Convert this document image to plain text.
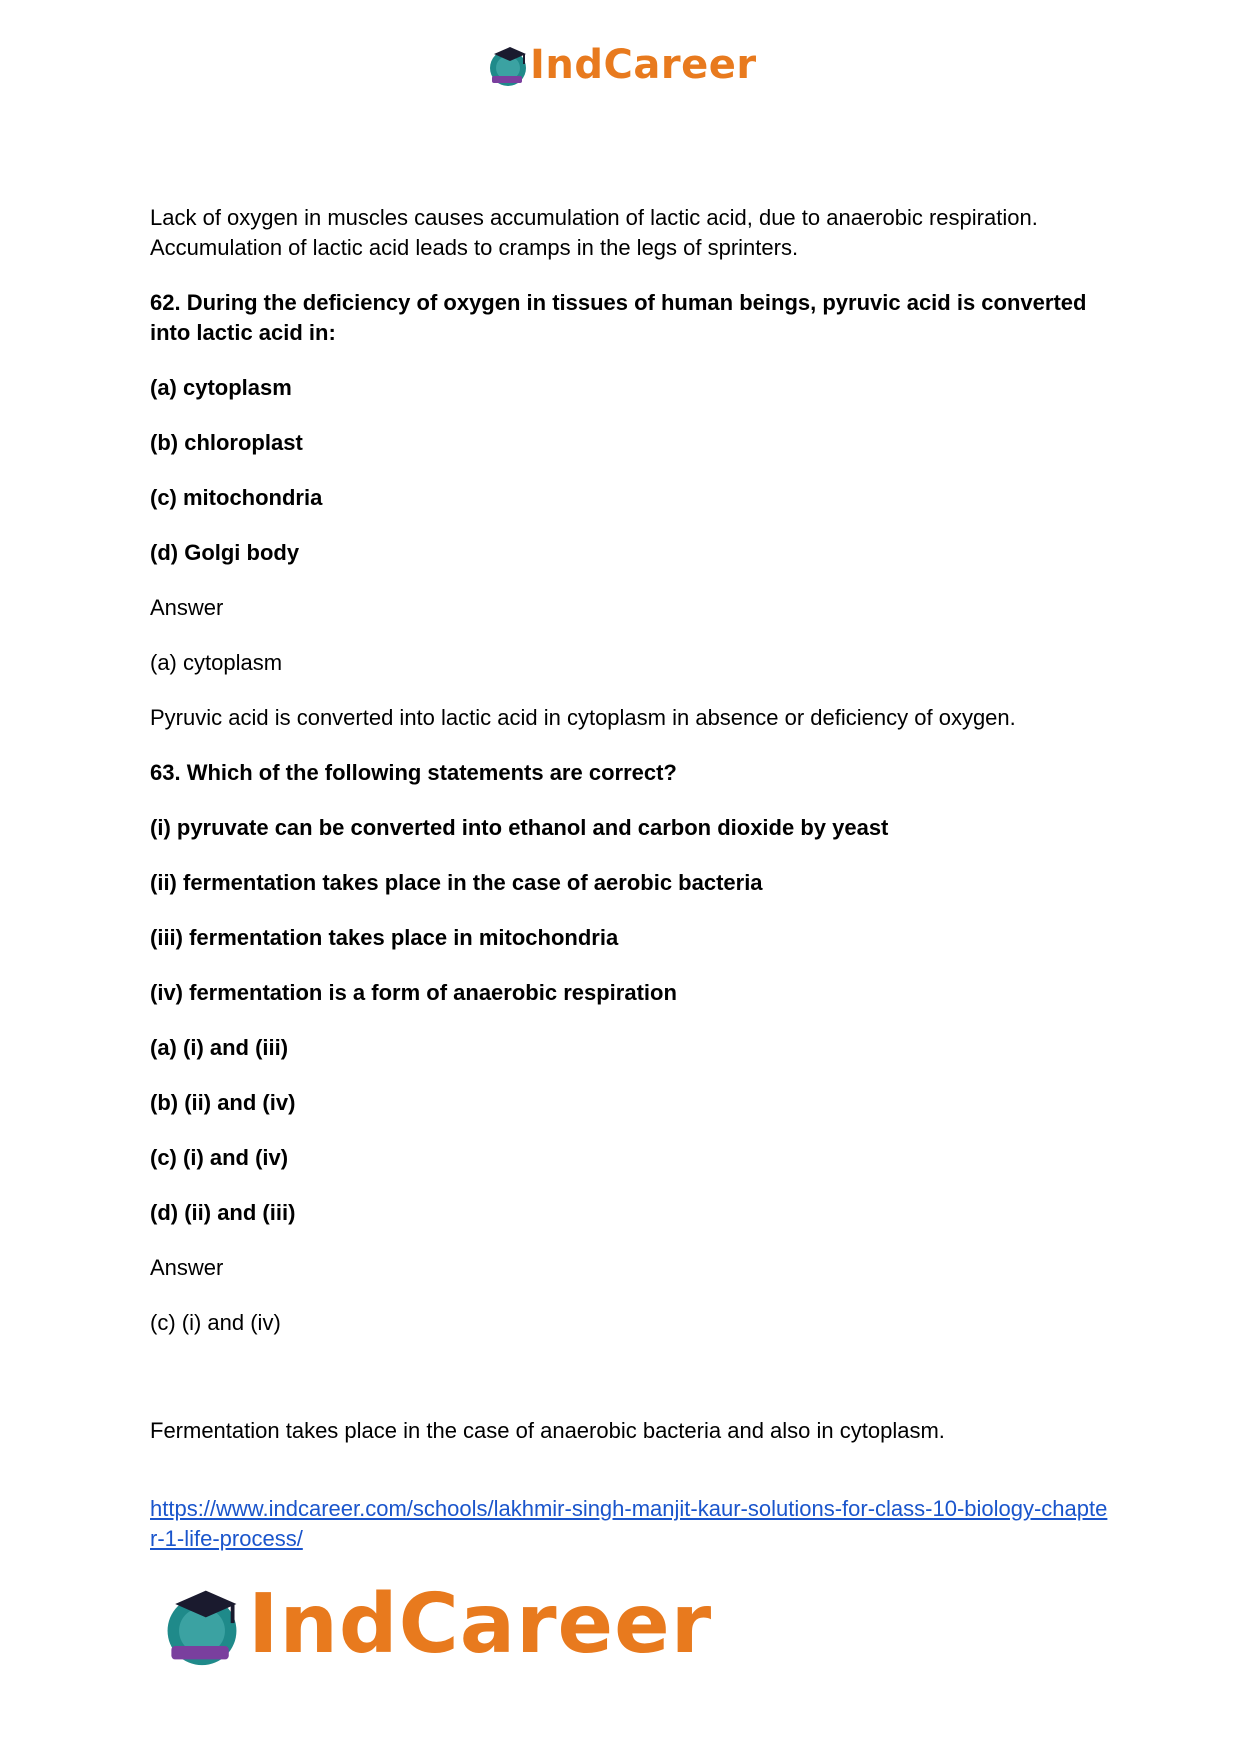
IndCareer

Lack of oxygen in muscles causes accumulation of lactic acid, due to anaerobic respiration. Accumulation of lactic acid leads to cramps in the legs of sprinters.

62. During the deficiency of oxygen in tissues of human beings, pyruvic acid is converted into lactic acid in:

(a) cytoplasm

(b) chloroplast

(c) mitochondria

(d) Golgi body

Answer

(a) cytoplasm

Pyruvic acid is converted into lactic acid in cytoplasm in absence or deficiency of oxygen.

63. Which of the following statements are correct?

(i) pyruvate can be converted into ethanol and carbon dioxide by yeast

(ii) fermentation takes place in the case of aerobic bacteria

(iii) fermentation takes place in mitochondria

(iv) fermentation is a form of anaerobic respiration

(a) (i) and (iii)

(b) (ii) and (iv)

(c) (i) and (iv)

(d) (ii) and (iii)

Answer

(c) (i) and (iv)

Fermentation takes place in the case of anaerobic bacteria and also in cytoplasm.

https://www.indcareer.com/schools/lakhmir-singh-manjit-kaur-solutions-for-class-10-biology-chapter-1-life-process/
IndCareer
